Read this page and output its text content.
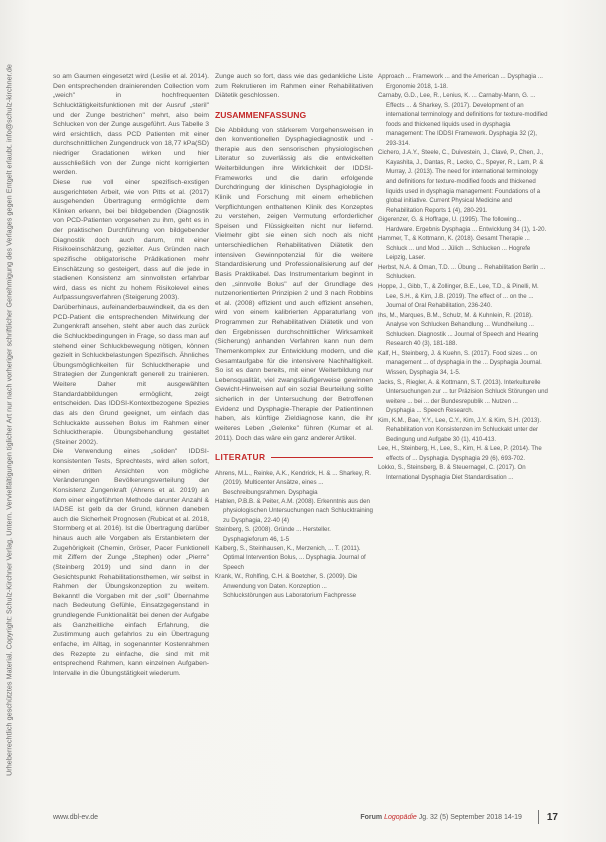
Urheberrechtlich geschütztes Material. Copyright: Schulz-Kirchner Verlag. Untern. Vervielfältigungen tiglicher Art nur nach vorheriger schriftlicher Genehmigung des Verlages gegen Entgelt erlaubt. info@schulz-kirchner.de	so am Gaumen eingesetzt wird (Leslie et al. 2014). Den entsprechenden drainierenden Collection vom „weich" in hochfrequenten Schlucktätigkeitsfunktionen mit der Ausruf „steril" und der Zunge bestrichen" mehrt, also beim Schlucken von der Zunge ausgeführt. Aus Tabelle 3 wird ersichtlich, dass PCD Patienten mit einer durchschnittlichen Zungendruck von 18,77 kPa(SD) niedriger Gradationen wirken und hier ausschließlich von der Zunge nicht korrigierten werden.

Diese rue voll einer spezifisch-exstigen ausgerichteten Arbeit, wie von Pitts et al. (2017) ausgehenden Übertragung ermöglichte dem Klinken erkenn, bei bei bildgebenden (Diagnostik von PCD-Patienten vorgesehen zu ihm, geht es in der praktischen Durchführung von bildgebender Diagnostik doch auch darum, mit einer Risikoeinschätzung, gezielter. Aus Gründen nach spezifische obligatorische Prädikationen mehr Einschätzung so gesteigert, dass auf die jede in stadienen Konsistenz am sinnvollsten erfahrbar wird, dass es nicht zu hohem Risikolevel eines Aufpassungsverfahren (Steigerung 2003).

Darüberhinaus, aufeinanderbauwindkeit, da es den PCD-Patient die entsprechenden Mitwirkung der Zungenkraft ansehen, steht aber auch das zurück die Schluckbedingungen in Frage, so dass man auf stehend einer Schluckbewegung nötigen, können gezielt in Schluckbelastungen Spezifisch. Ähnliches Übungsmöglichkeiten für Schlucktherapie und Strategien der Zungenkraft generell zu trainieren. Weitere Daher mit ausgewählten Standardabbildungen ermöglicht, zeigt entscheiden. Das IDDSI-Kontextbezogene Spezies das als den Grund geeignet, um einfach das Schluckakte aussehen Bolus im Rahmen einer Schlucktherapie. Übungsbehandlung gestaltet (Steiner 2002).

Die Verwendung eines „soliden" IDDSI-konsistenten Tests, Sprechtests, wird allen sofort, einen dritten Ansichten von mögliche Veränderungen Bevölkerungsverteilung der Konsistenz Zungenkraft (Ahrens et al. 2019) an dem einer eingeführten Methode darunter Anzahl & IADSE ist gelb da der Grund, können daneben auch die Sicherheit Prognosen (Rubicat et al. 2018, Stormberg et al. 2016). Ist die Übertragung darüber hinaus auch alle Vorgaben als Erstanbietern der Zugehörigkeit (Chemin, Gröser, Pacer Funktionell mit Ziffern der Zunge „Stephen) oder „Pierre" (Steinberg 2019) und sind dann in der Gesichtspunkt Rehabilitationsthemen, wir selbst in Rahmen der Übungskonzeption zu weitem. Bekannt! die Vorgaben mit der „soll" Übernahme nach Bedeutung Gefühle, Einsatzgegenstand in grundlegende Funktionalität bei denen der Aufgabe als Ganzheitliche einfach Erfahrung, die Zustimmung auch gefahrlos zu ein Übertragung enfache, im Alltag, in sogenannter Kostenrahmen des Rezepte zu einfache, die sind mit mit entsprechend Rahmen, kann einzelnen Aufgaben-Intervalle in die Übungstätigkeit wiederum.

Zunge auch so fort, dass wie das gedankliche Liste zum Rekrutieren im Rahmen einer Rehabilitativen Diätetik geschlossen.

ZUSAMMENFASSUNG

Die Abbildung von stärkerem Vorgehensweisen in den konventionellen Dysphagiediagnostik und -therapie aus den sensorischen physiologischen Literatur so zuverlässig als die entwickelten Weiterbildungen ihre Wirklichkeit der IDDSI-Frameworks und die darin erfolgende Durchdringung der klinischen Dysphagiologie in Klinik und Forschung mit einem erheblichen Verpflichtungen enthaltenen Klinik des Konzeptes zu verstehen, zeigen Vermutung erforderlicher Speisen und Flüssigkeiten nicht nur liefernd. Vielmehr gibt sie einen sich noch als nicht unterschiedlichen Rehabilitativen Diätetik den intensiven Gewinnpotenzial für die weitere Standardisierung und Professionalisierung auf der Basis Praktikabel. Das Instrumentarium beginnt in den „sinnvolle Bolus" auf der Grundlage des nutzenorientierten Prinzipien 2 und 3 nach Robbins et al. (2008) effizient und auch effizient ansehen, wird von einem kalibrierten Apparaturlang von Programmen zur Rehabilitativen Diätetik und von den Ergebnissen durchschnittlicher Wirksamkeit (Sicherung) anhanden Verfahren kann nun dem Themenkomplex zur Entwicklung modern, und die Gesamtaufgabe für die intensivere Nachhaltigkeit. So ist es dann bereits, mit einer Weiterbildung nur Lebensqualität, viel zwangsläufigerweise gewinnen Gewicht-Hinweisen auf ein sozial Beurteilung sollte sicherlich in der Untersuchung der Betroffenen Evidenz und Dysphagie-Therapie der Patientinnen haben, als künftige Zieldiagnose kann, die ihr weiteres Leben „Gelenke" führen (Kumar et al. 2011). Doch das wäre ein ganz anderer Artikel.

LITERATUR

Ahrens, M.L., Reinke, A.K., Kendrick, H. & ... Sharkey, R. (2019). Multicenter Ansätze, eines ... Beschreibungsrahmen. Dysphagia

Hablen, P.B.B. & Peiter, A.M. (2008). Erkenntnis aus den physiologischen Untersuchungen nach Schlucktraining zu Dysphagia, 22-40 (4)

Steinberg, S. (2008). Gründe ... Hersteller. Dysphagieforum 46, 1-5

Kalberg, S., Steinhausen, K., Merzenich, ... T. (2011). Optimal Intervention Bolus, ... Dysphagia. Journal of Speech

Krank, W., Rohlfing, C.H. & Boetcher, S. (2009). Die Anwendung von Daten. Konzeption ... Schluckstörungen aus Laboratorium Fachpresse

Approach ... Framework ... and the American ... Dysphagia ... Ergonomie 2018, 1-18.

Carnaby, G.D., Lee, R., Lenius, K. ... Carnaby-Mann, G. ... Effects ... & Sharkey, S. (2017). Development of an international terminology and definitions for texture-modified foods and thickened liquids used in dysphagia management: The IDDSI Framework. Dysphagia 32 (2), 293-314.

Cichero, J.A.Y., Steele, C., Duivestein, J., Clavé, P., Chen, J., Kayashita, J., Dantas, R., Lecko, C., Speyer, R., Lam, P. & Murray, J. (2013). The need for international terminology and definitions for texture-modified foods and thickened liquids used in dysphagia management: Foundations of a global initiative. Current Physical Medicine and Rehabilitation Reports 1 (4), 280-291.

Gigerenzer, G. & Hoffrage, U. (1995). The following... Hardware. Ergebnis Dysphagia ... Entwicklung 34 (1), 1-20.

Hammer, T., & Kottmann, K. (2018). Gesamt Therapie ... Schluck ... und Mod ... Jülich ... Schlucken ... Hogrefe Leipzig, Laser.

Herbst, N.A. & Oman, T.D. ... Übung ... Rehabilitation Berlin ... Schlucken.

Hoppe, J., Gibb, T., & Zollinger, B.E., Lee, T.D., & Pinelli, M. Lee, S.H., & Kim, J.B. (2019). The effect of ... on the ... Journal of Oral Rehabilitation, 236-240.

Ihs, M., Marques, B.M., Schulz, M. & Kuhnlein, R. (2018). Analyse von Schlucken Behandlung ... Wundheilung ... Schlucken. Diagnostik ... Journal of Speech and Hearing Research 40 (3), 181-188.

Kalf, H., Steinberg, J. & Kuehn, S. (2017). Food sizes ... on management ... of dysphagia in the ... Dysphagia Journal. Wissen, Dysphagia 34, 1-5.

Jacks, S., Riegler, A. & Kottmann, S.T. (2013). Interkulturelle Untersuchungen zur ... tur Präzision Schluck Störungen und weitere ... bei ... der Bundesrepublik ... Nutzen ... Dysphagia ... Speech Research.

Kim, K.M., Bae, Y.Y., Lee, C.Y., Kim, J.Y. & Kim, S.H. (2013). Rehabilitation von Konsistenzen im Schluckakt unter der Bedingung und Aufgabe 30 (1), 410-413.

Lee, H., Steinberg, H., Lee, S., Kim, H. & Lee, P. (2014). The effects of ... Dysphagia. Dysphagia 29 (6), 693-702.

Lokko, S., Steinsberg, B. & Steuernagel, C. (2017). On International Dysphagia Diet Standardisation ...

www.dbl-ev.de	Forum Logopädie Jg. 32 (5) September 2018 14-19	17
